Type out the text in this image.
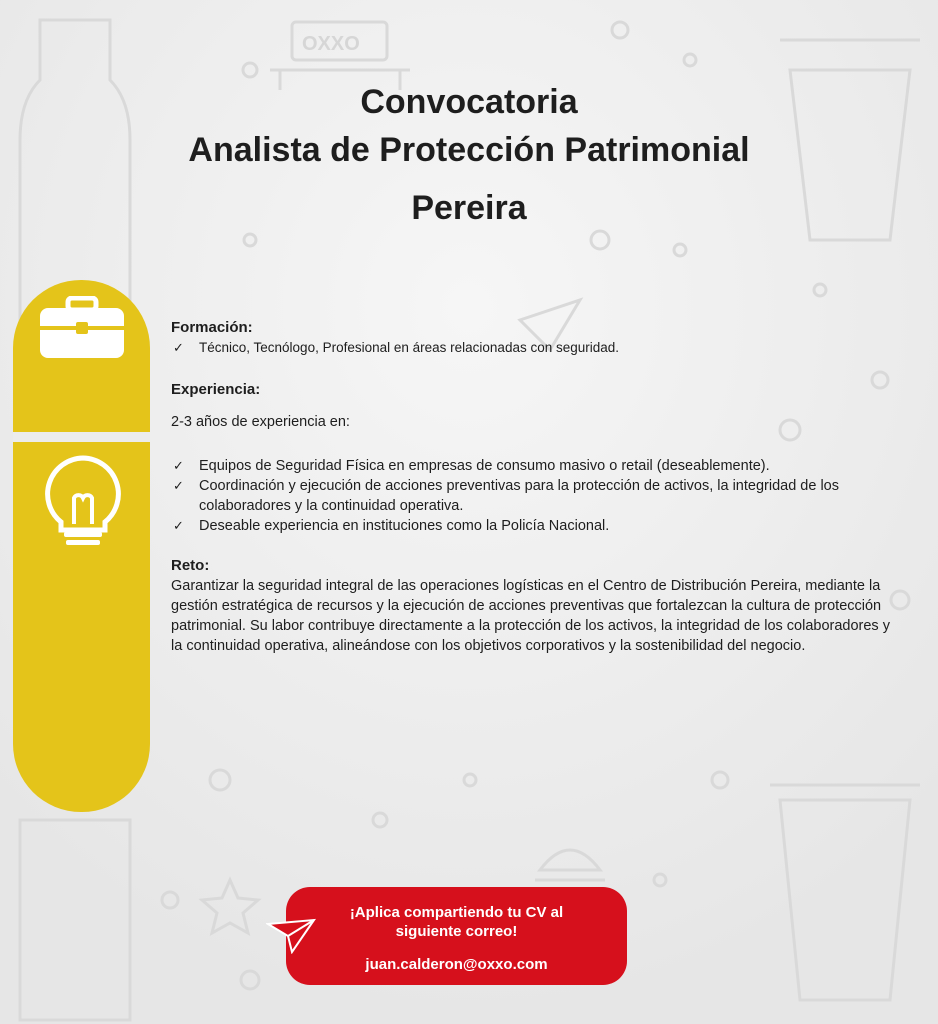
OXXO
Convocatoria
Analista de Protección Patrimonial
Pereira
Formación:
✓ Técnico, Tecnólogo, Profesional en áreas relacionadas con seguridad.
Experiencia:
2-3 años de experiencia en:
✓ Equipos de Seguridad Física en empresas de consumo masivo o retail (deseablemente).
✓ Coordinación y ejecución de acciones preventivas para la protección de activos, la integridad de los colaboradores y la continuidad operativa.
✓ Deseable experiencia en instituciones como la Policía Nacional.
Reto:
Garantizar la seguridad integral de las operaciones logísticas en el Centro de Distribución Pereira, mediante la gestión estratégica de recursos y la ejecución de acciones preventivas que fortalezcan la cultura de protección patrimonial. Su labor contribuye directamente a la protección de los activos, la integridad de los colaboradores y la continuidad operativa, alineándose con los objetivos corporativos y la sostenibilidad del negocio.
¡Aplica compartiendo tu CV al siguiente correo!
juan.calderon@oxxo.com
